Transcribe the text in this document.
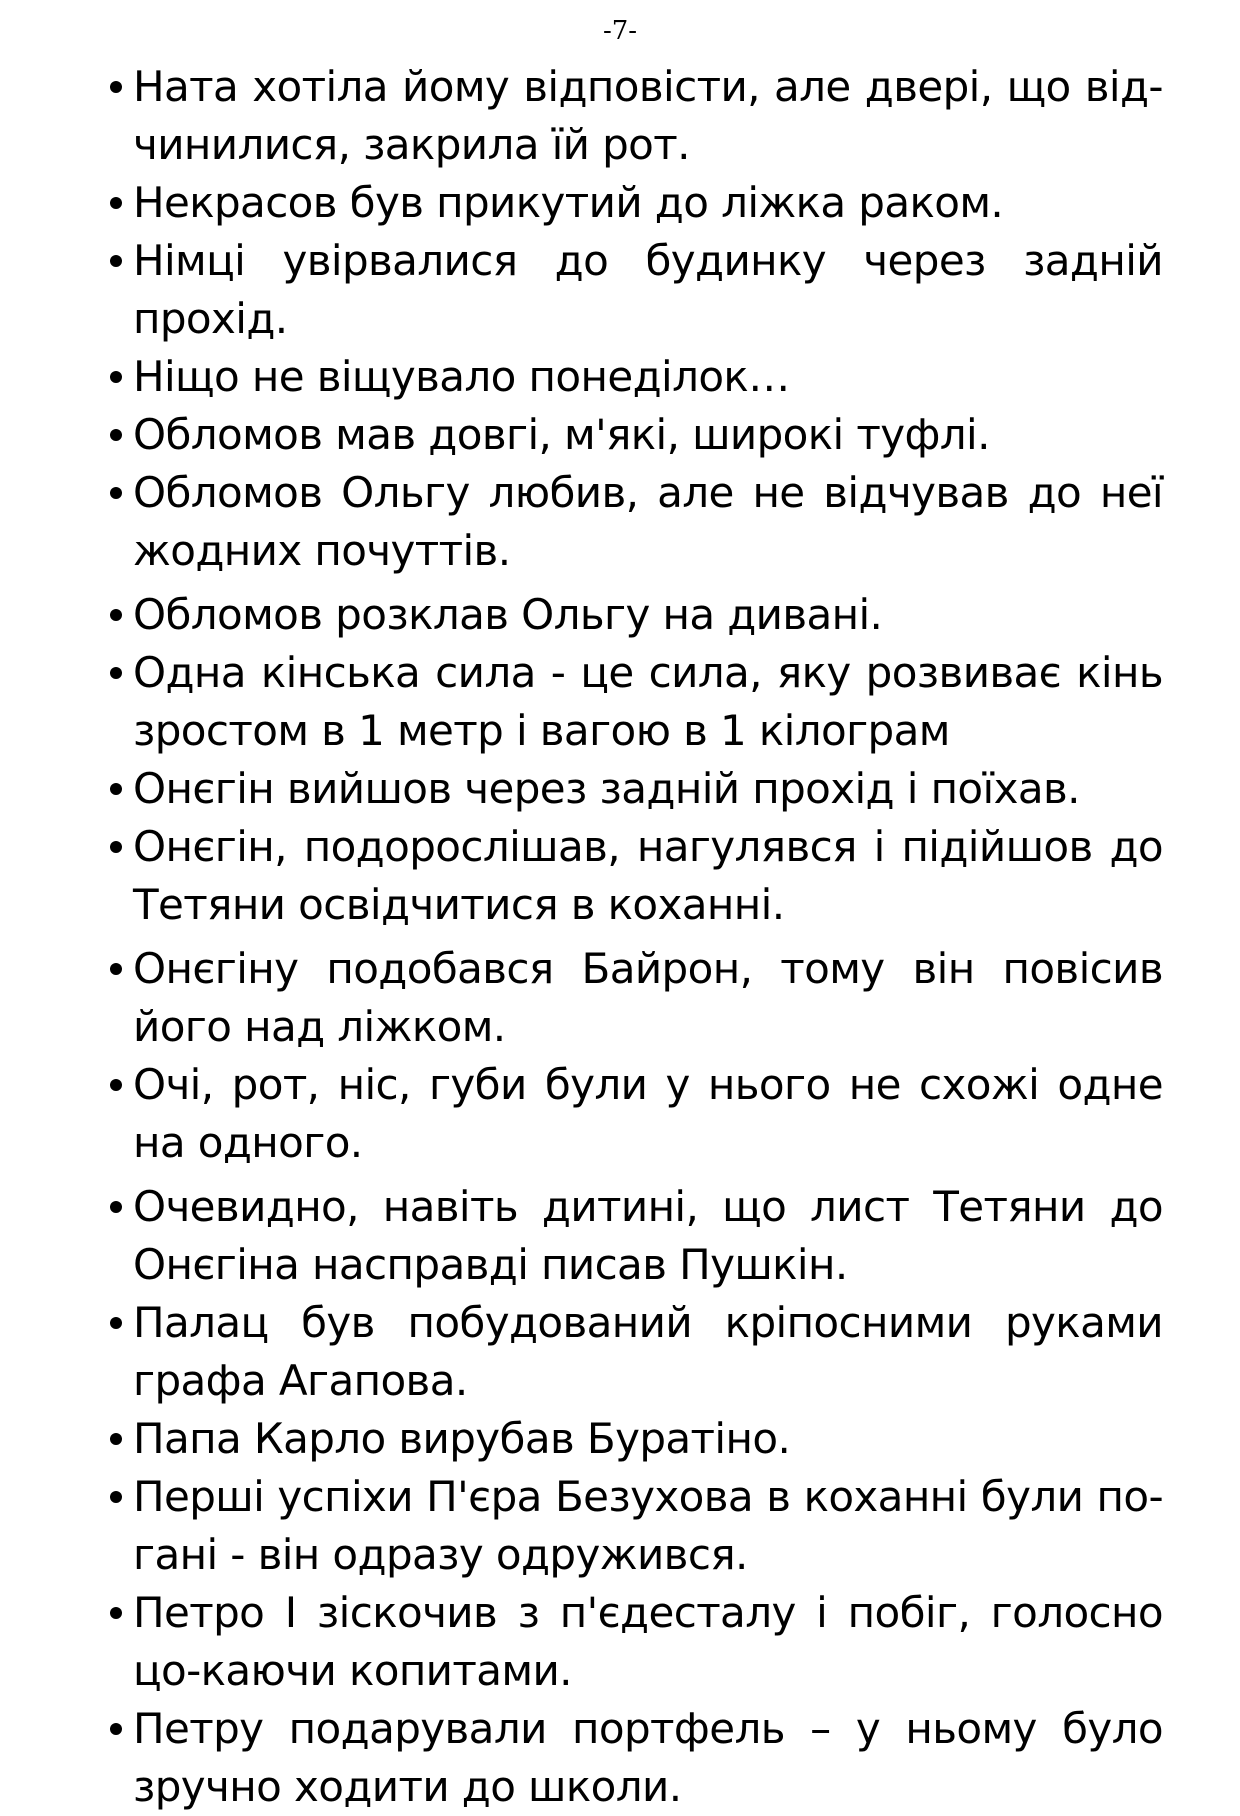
-7-
Ната хотіла йому відповісти, але двері, що від-чинилися, закрила їй рот.
Некрасов був прикутий до ліжка раком.
Німці увірвалися до будинку через задній прохід.
Ніщо не віщувало понеділок…
Обломов мав довгі, м'які, широкі туфлі.
Обломов Ольгу любив, але не відчував до неї жодних почуттів.
Обломов розклав Ольгу на дивані.
Одна кінська сила - це сила, яку розвиває кінь зростом в 1 метр і вагою в 1 кілограм
Онєгін вийшов через задній прохід і поїхав.
Онєгін, подорослішав, нагулявся і підійшов до Тетяни освідчитися в коханні.
Онєгіну подобався Байрон, тому він повісив його над ліжком.
Очі, рот, ніс, губи були у нього не схожі одне на одного.
Очевидно, навіть дитині, що лист Тетяни до Онєгіна насправді писав Пушкін.
Палац був побудований кріпосними руками графа Агапова.
Папа Карло вирубав Буратіно.
Перші успіхи П'єра Безухова в коханні були по-гані - він одразу одружився.
Петро І зіскочив з п'єдесталу і побіг, голосно цо-каючи копитами.
Петру подарували портфель – у ньому було зручно ходити до школи.
